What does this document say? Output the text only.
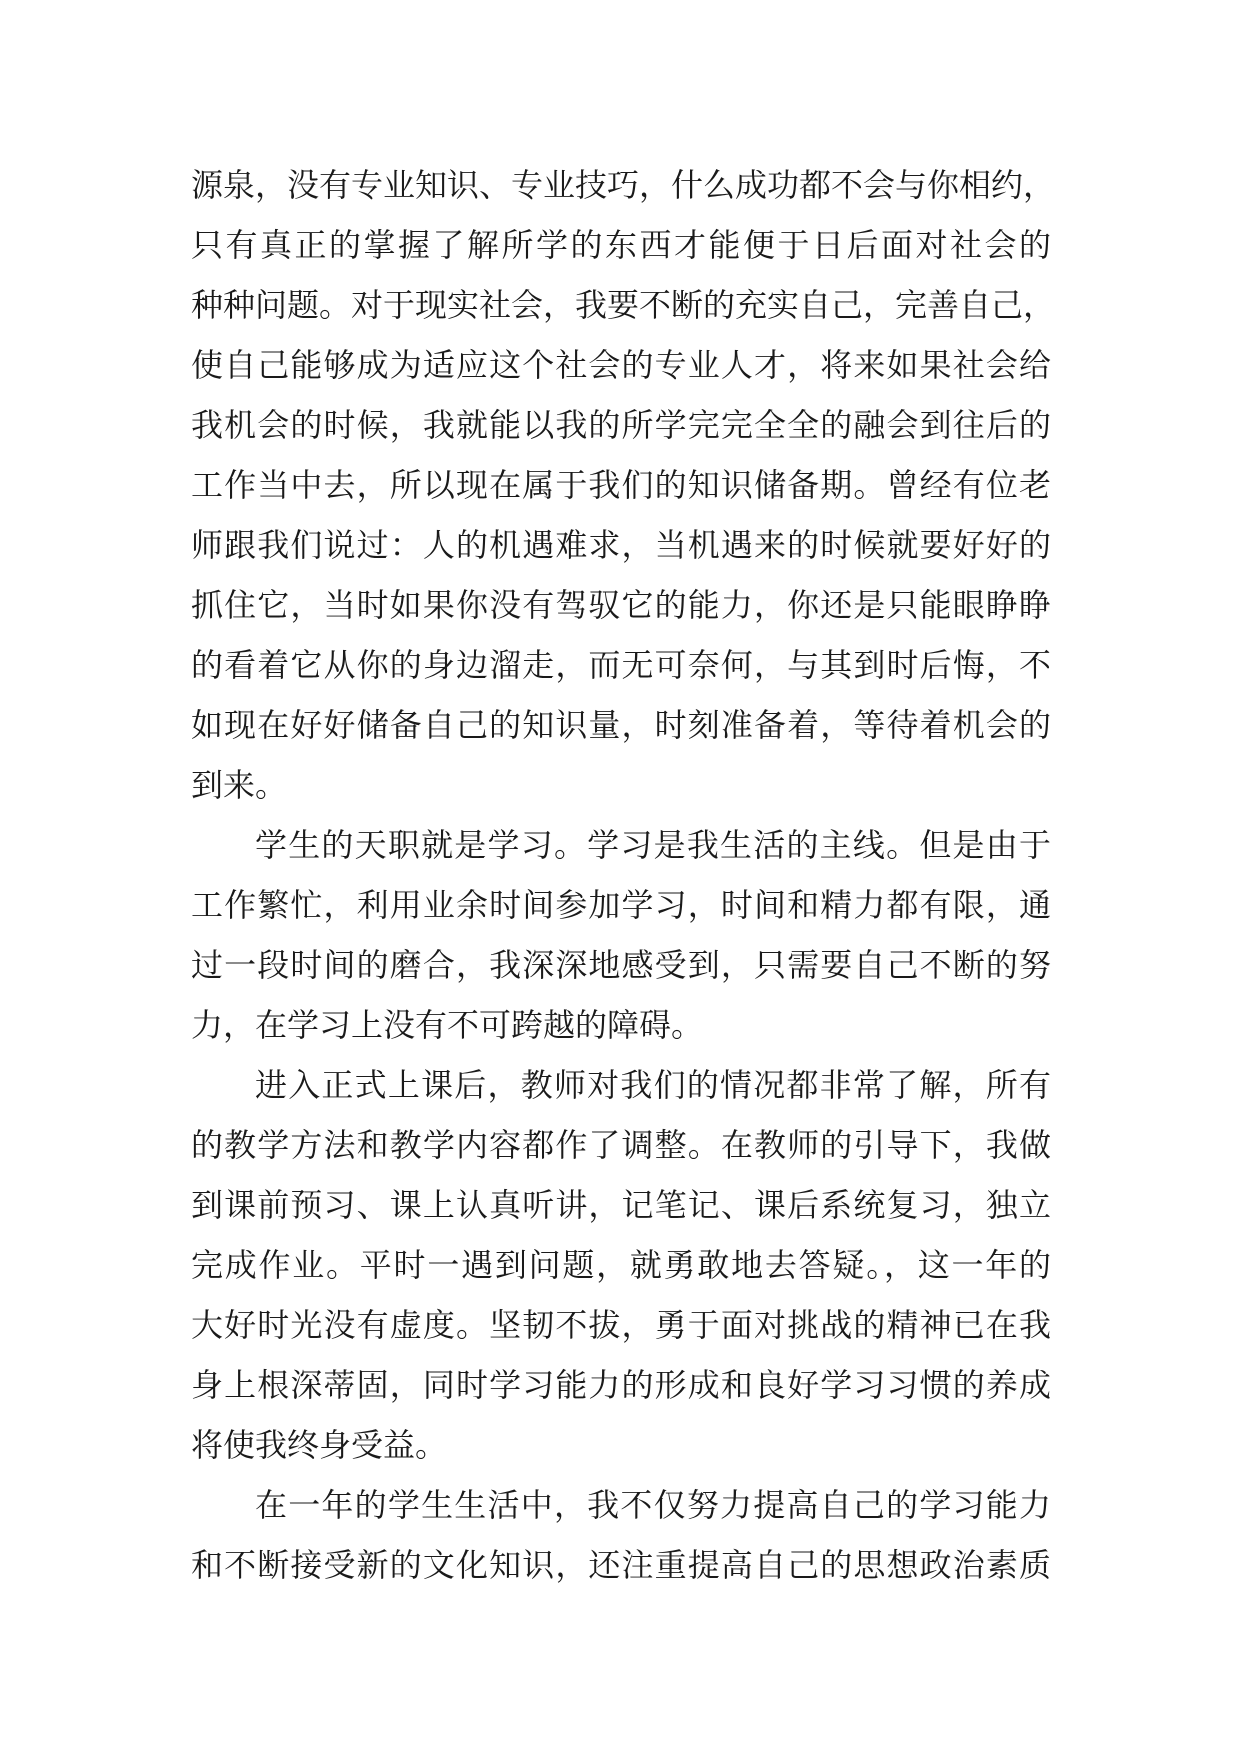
源泉，没有专业知识、专业技巧，什么成功都不会与你相约，
只有真正的掌握了解所学的东西才能便于日后面对社会的
种种问题。对于现实社会，我要不断的充实自己，完善自己，
使自己能够成为适应这个社会的专业人才，将来如果社会给
我机会的时候，我就能以我的所学完完全全的融会到往后的
工作当中去，所以现在属于我们的知识储备期。曾经有位老
师跟我们说过：人的机遇难求，当机遇来的时候就要好好的
抓住它，当时如果你没有驾驭它的能力，你还是只能眼睁睁
的看着它从你的身边溜走，而无可奈何，与其到时后悔，不
如现在好好储备自己的知识量，时刻准备着，等待着机会的
到来。
学生的天职就是学习。学习是我生活的主线。但是由于
工作繁忙，利用业余时间参加学习，时间和精力都有限，通
过一段时间的磨合，我深深地感受到，只需要自己不断的努
力，在学习上没有不可跨越的障碍。
进入正式上课后，教师对我们的情况都非常了解，所有
的教学方法和教学内容都作了调整。在教师的引导下，我做
到课前预习、课上认真听讲，记笔记、课后系统复习，独立
完成作业。平时一遇到问题，就勇敢地去答疑。，这一年的
大好时光没有虚度。坚韧不拔，勇于面对挑战的精神已在我
身上根深蒂固，同时学习能力的形成和良好学习习惯的养成
将使我终身受益。
在一年的学生生活中，我不仅努力提高自己的学习能力
和不断接受新的文化知识，还注重提高自己的思想政治素质
